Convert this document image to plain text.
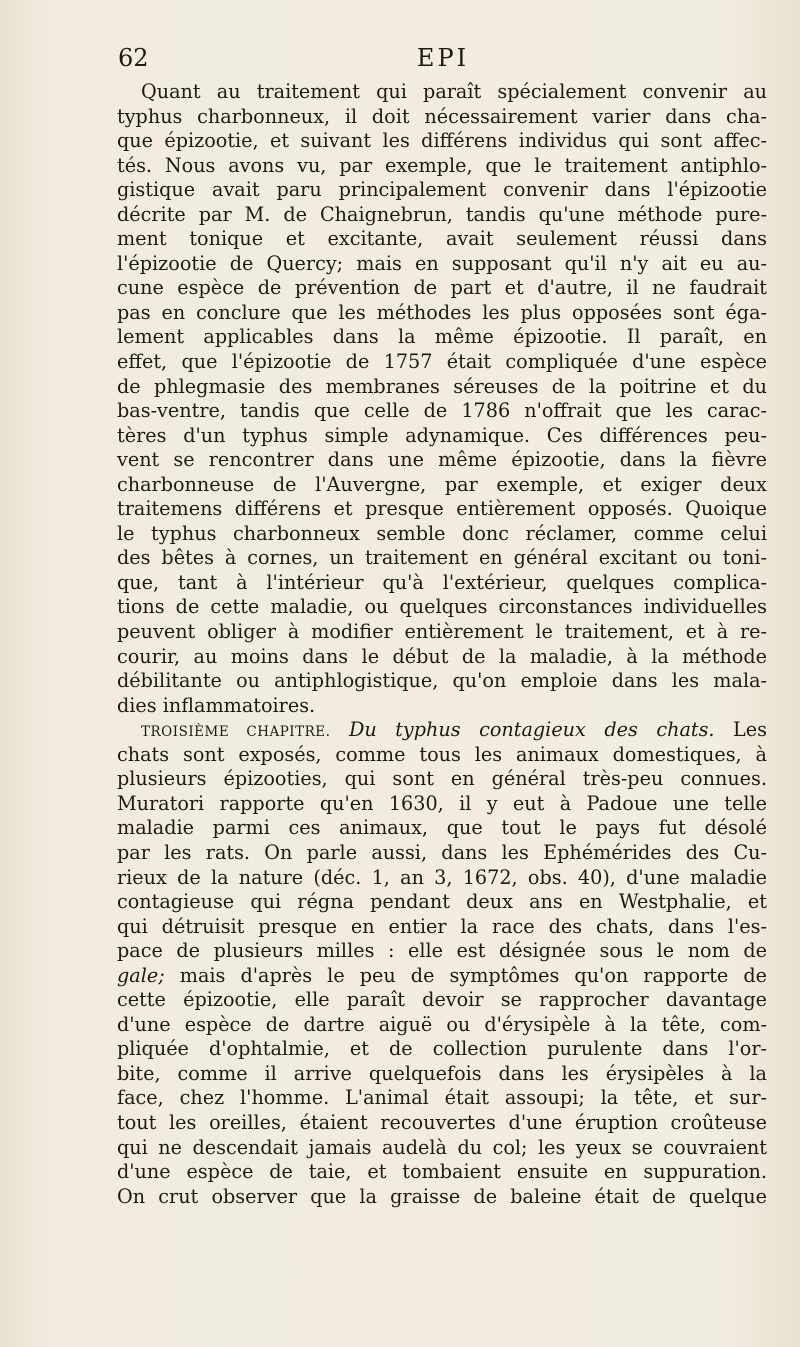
62	EPI
Quant au traitement qui paraît spécialement convenir au
typhus charbonneux, il doit nécessairement varier dans cha-
que épizootie, et suivant les différens individus qui sont affec-
tés. Nous avons vu, par exemple, que le traitement antiphlo-
gistique avait paru principalement convenir dans l'épizootie
décrite par M. de Chaignebrun, tandis qu'une méthode pure-
ment tonique et excitante, avait seulement réussi dans
l'épizootie de Quercy; mais en supposant qu'il n'y ait eu au-
cune espèce de prévention de part et d'autre, il ne faudrait
pas en conclure que les méthodes les plus opposées sont éga-
lement applicables dans la même épizootie. Il paraît, en
effet, que l'épizootie de 1757 était compliquée d'une espèce
de phlegmasie des membranes séreuses de la poitrine et du
bas-ventre, tandis que celle de 1786 n'offrait que les carac-
tères d'un typhus simple adynamique. Ces différences peu-
vent se rencontrer dans une même épizootie, dans la fièvre
charbonneuse de l'Auvergne, par exemple, et exiger deux
traitemens différens et presque entièrement opposés. Quoique
le typhus charbonneux semble donc réclamer, comme celui
des bêtes à cornes, un traitement en général excitant ou toni-
que, tant à l'intérieur qu'à l'extérieur, quelques complica-
tions de cette maladie, ou quelques circonstances individuelles
peuvent obliger à modifier entièrement le traitement, et à re-
courir, au moins dans le début de la maladie, à la méthode
débilitante ou antiphlogistique, qu'on emploie dans les mala-
dies inflammatoires.
TROISIÈME CHAPITRE. Du typhus contagieux des chats. Les
chats sont exposés, comme tous les animaux domestiques, à
plusieurs épizooties, qui sont en général très-peu connues.
Muratori rapporte qu'en 1630, il y eut à Padoue une telle
maladie parmi ces animaux, que tout le pays fut désolé
par les rats. On parle aussi, dans les Ephémérides des Cu-
rieux de la nature (déc. 1, an 3, 1672, obs. 40), d'une maladie
contagieuse qui régna pendant deux ans en Westphalie, et
qui détruisit presque en entier la race des chats, dans l'es-
pace de plusieurs milles : elle est désignée sous le nom de
gale; mais d'après le peu de symptômes qu'on rapporte de
cette épizootie, elle paraît devoir se rapprocher davantage
d'une espèce de dartre aiguë ou d'érysipèle à la tête, com-
pliquée d'ophtalmie, et de collection purulente dans l'or-
bite, comme il arrive quelquefois dans les érysipèles à la
face, chez l'homme. L'animal était assoupi; la tête, et sur-
tout les oreilles, étaient recouvertes d'une éruption croûteuse
qui ne descendait jamais audelà du col; les yeux se couvraient
d'une espèce de taie, et tombaient ensuite en suppuration.
On crut observer que la graisse de baleine était de quelque
